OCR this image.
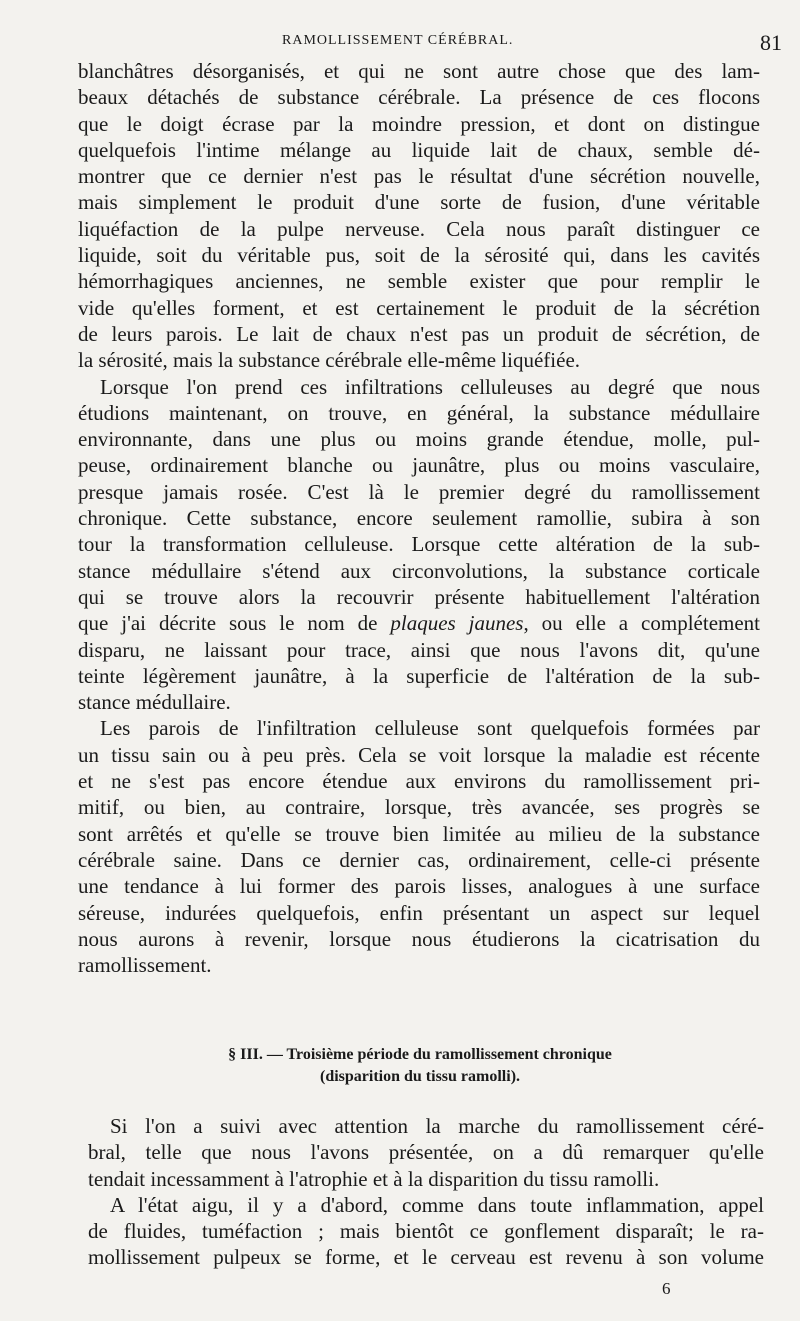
RAMOLLISSEMENT CÉRÉBRAL.	81
blanchâtres désorganisés, et qui ne sont autre chose que des lam-
beaux détachés de substance cérébrale. La présence de ces flocons
que le doigt écrase par la moindre pression, et dont on distingue
quelquefois l'intime mélange au liquide lait de chaux, semble dé-
montrer que ce dernier n'est pas le résultat d'une sécrétion nouvelle,
mais simplement le produit d'une sorte de fusion, d'une véritable
liquéfaction de la pulpe nerveuse. Cela nous paraît distinguer ce
liquide, soit du véritable pus, soit de la sérosité qui, dans les cavités
hémorrhagiques anciennes, ne semble exister que pour remplir le
vide qu'elles forment, et est certainement le produit de la sécrétion
de leurs parois. Le lait de chaux n'est pas un produit de sécrétion, de
la sérosité, mais la substance cérébrale elle-même liquéfiée.
Lorsque l'on prend ces infiltrations celluleuses au degré que nous
étudions maintenant, on trouve, en général, la substance médullaire
environnante, dans une plus ou moins grande étendue, molle, pul-
peuse, ordinairement blanche ou jaunâtre, plus ou moins vasculaire,
presque jamais rosée. C'est là le premier degré du ramollissement
chronique. Cette substance, encore seulement ramollie, subira à son
tour la transformation celluleuse. Lorsque cette altération de la sub-
stance médullaire s'étend aux circonvolutions, la substance corticale
qui se trouve alors la recouvrir présente habituellement l'altération
que j'ai décrite sous le nom de plaques jaunes, ou elle a complétement
disparu, ne laissant pour trace, ainsi que nous l'avons dit, qu'une
teinte légèrement jaunâtre, à la superficie de l'altération de la sub-
stance médullaire.
Les parois de l'infiltration celluleuse sont quelquefois formées par
un tissu sain ou à peu près. Cela se voit lorsque la maladie est récente
et ne s'est pas encore étendue aux environs du ramollissement pri-
mitif, ou bien, au contraire, lorsque, très avancée, ses progrès se
sont arrêtés et qu'elle se trouve bien limitée au milieu de la substance
cérébrale saine. Dans ce dernier cas, ordinairement, celle-ci présente
une tendance à lui former des parois lisses, analogues à une surface
séreuse, indurées quelquefois, enfin présentant un aspect sur lequel
nous aurons à revenir, lorsque nous étudierons la cicatrisation du
ramollissement.
§ III. — Troisième période du ramollissement chronique
(disparition du tissu ramolli).
Si l'on a suivi avec attention la marche du ramollissement céré-
bral, telle que nous l'avons présentée, on a dû remarquer qu'elle
tendait incessamment à l'atrophie et à la disparition du tissu ramolli.
A l'état aigu, il y a d'abord, comme dans toute inflammation, appel
de fluides, tuméfaction ; mais bientôt ce gonflement disparaît; le ra-
mollissement pulpeux se forme, et le cerveau est revenu à son volume
6
